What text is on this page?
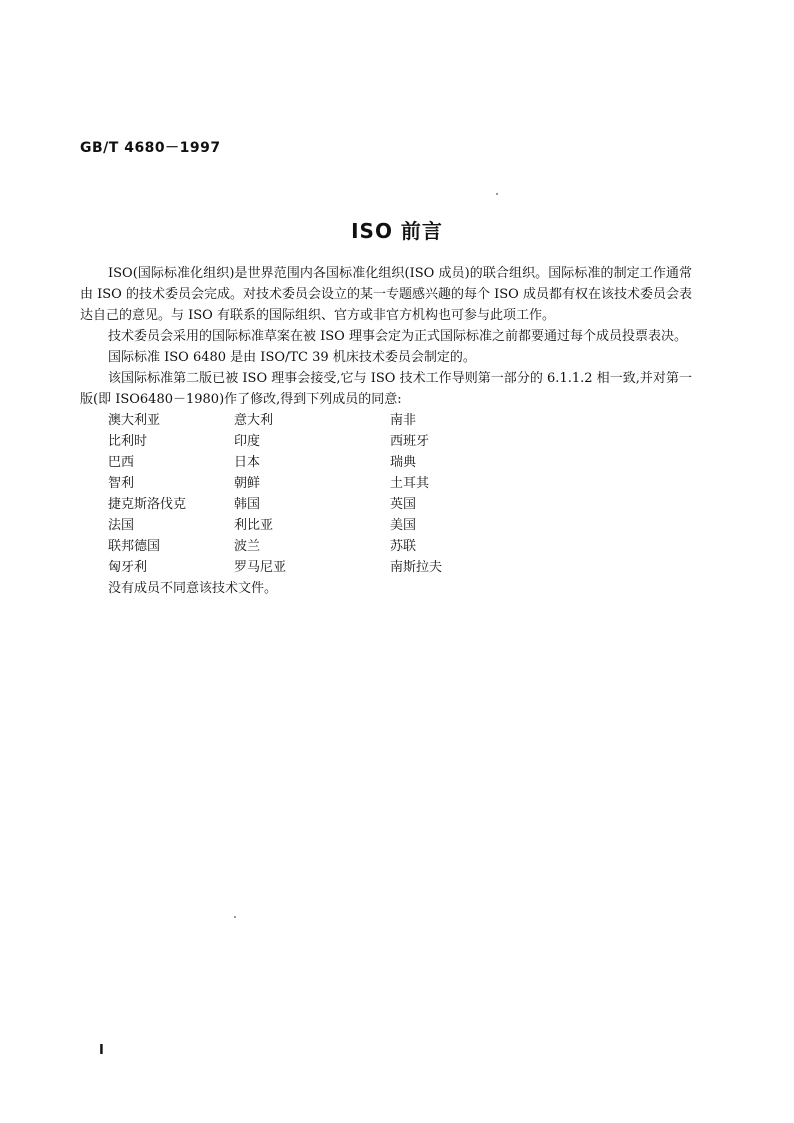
GB/T 4680－1997
ISO 前言

ISO(国际标准化组织)是世界范围内各国标准化组织(ISO 成员)的联合组织。国际标准的制定工作通常由 ISO 的技术委员会完成。对技术委员会设立的某一专题感兴趣的每个 ISO 成员都有权在该技术委员会表达自己的意见。与 ISO 有联系的国际组织、官方或非官方机构也可参与此项工作。

技术委员会采用的国际标准草案在被 ISO 理事会定为正式国际标准之前都要通过每个成员投票表决。

国际标准 ISO 6480 是由 ISO/TC 39 机床技术委员会制定的。

该国际标准第二版已被 ISO 理事会接受,它与 ISO 技术工作导则第一部分的 6.1.1.2 相一致,并对第一版(即 ISO6480－1980)作了修改,得到下列成员的同意:

澳大利亚	意大利	南非
比利时	印度	西班牙
巴西	日本	瑞典
智利	朝鲜	土耳其
捷克斯洛伐克	韩国	英国
法国	利比亚	美国
联邦德国	波兰	苏联
匈牙利	罗马尼亚	南斯拉夫

没有成员不同意该技术文件。

I
